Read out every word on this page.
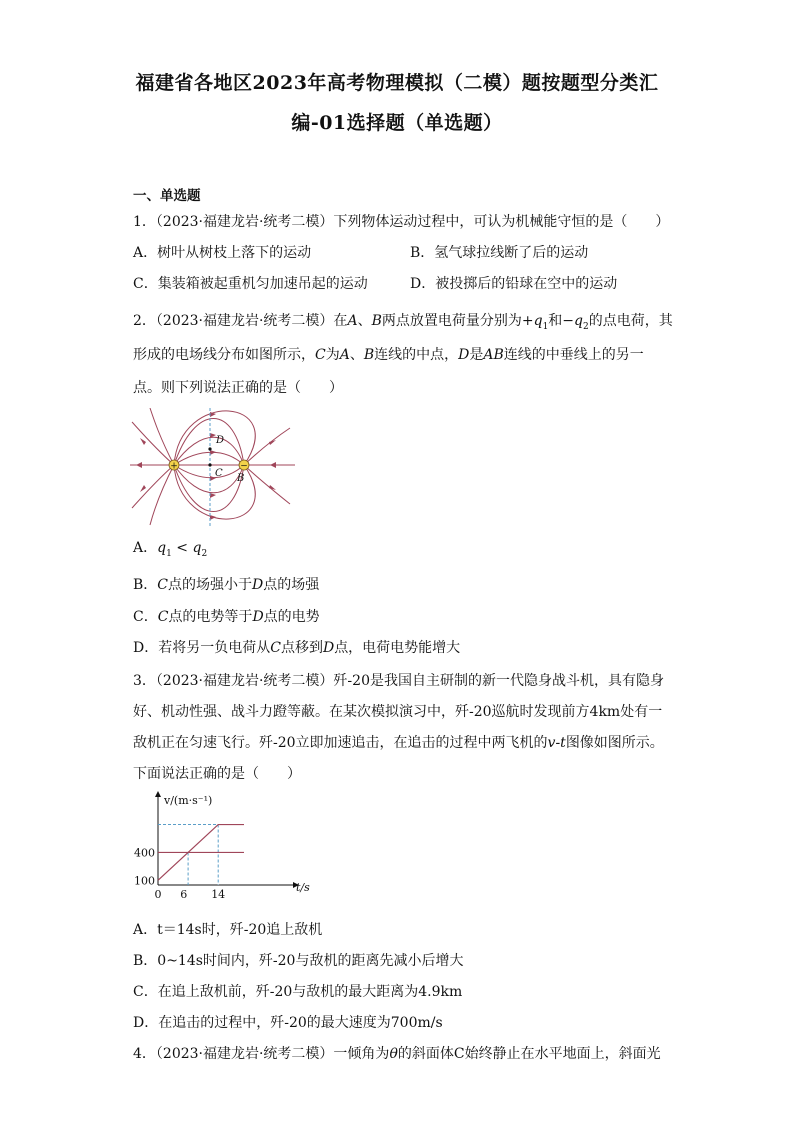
福建省各地区2023年高考物理模拟（二模）题按题型分类汇
编-01选择题（单选题）
一、单选题
1．（2023·福建龙岩·统考二模）下列物体运动过程中，可认为机械能守恒的是（　　）
A．树叶从树枝上落下的运动	B．氢气球拉线断了后的运动
C．集装箱被起重机匀加速吊起的运动	D．被投掷后的铅球在空中的运动
2．（2023·福建龙岩·统考二模）在A、B两点放置电荷量分别为$+q_1$和$-q_2$的点电荷，其
形成的电场线分布如图所示，C为A、B连线的中点，D是AB连线的中垂线上的另一
点。则下列说法正确的是（　　）
+	−
D
C B
A．$q_1 < q_2$
B．C点的场强小于D点的场强
C．C点的电势等于D点的电势
D．若将另一负电荷从C点移到D点，电荷电势能增大
3．（2023·福建龙岩·统考二模）歼-20是我国自主研制的新一代隐身战斗机，具有隐身
好、机动性强、战斗力蹬等蔽。在某次模拟演习中，歼-20巡航时发现前方4km处有一
敌机正在匀速飞行。歼-20立即加速追击，在追击的过程中两飞机的v-t图像如图所示。
下面说法正确的是（　　）
v/(m·s⁻¹)
t/s
0 6 14
100
400
A．t＝14s时，歼-20追上敌机
B．0~14s时间内，歼-20与敌机的距离先减小后增大
C．在追上敌机前，歼-20与敌机的最大距离为4.9km
D．在追击的过程中，歼-20的最大速度为700m/s
4．（2023·福建龙岩·统考二模）一倾角为θ的斜面体C始终静止在水平地面上，斜面光
